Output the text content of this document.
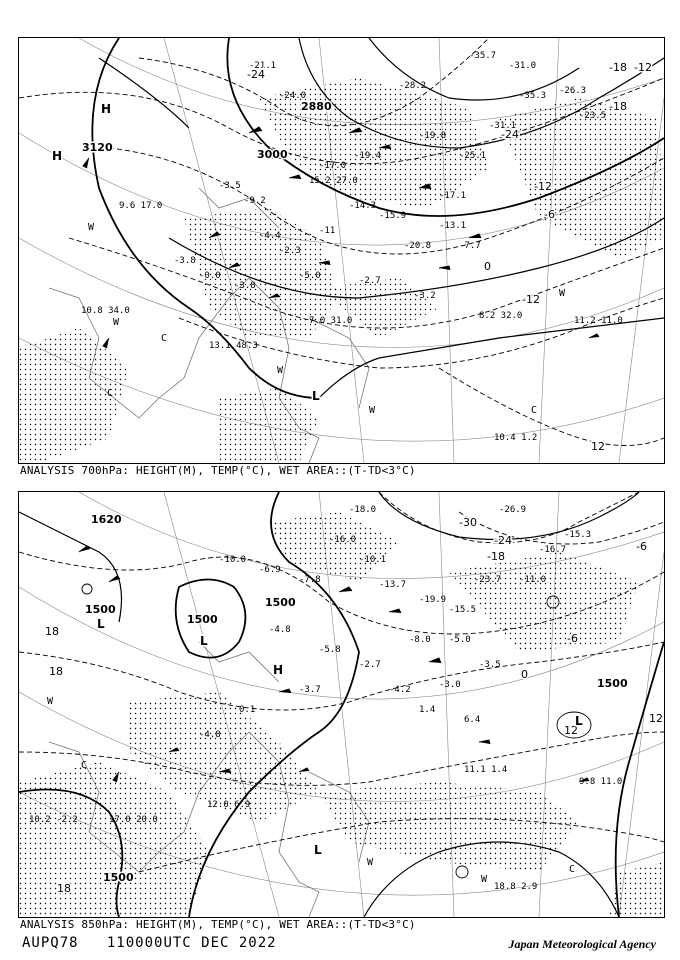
-3.5
-9.2
-11
-14.3
-15.9
-20.8
-17.1
-25.1
-31.1
-35.3 -26.3
-23.5
-4.4
-2.3
-3.8
-5.0	-2.7
-3.2
-0.0
-3.8
-19.4
-17.0
-24.0
-21.1
-35.7
-31.0
-28.2
-13.1
-7.7
-19.8
10.8 34.0	8.2 32.0	11.2 11.0
13.1 48.3
7.0 31.0
10.4 1.2
15.2 27.0
9.6 17.0
3120
3000
2880
-24
-12
-6
0
-18 -12
-24
-18
12
-12
H
H
L
W
W
C
W
W
C
C
W
ANALYSIS 700hPa: HEIGHT(M), TEMP(°C), WET AREA::(T-TD<3°C)
-16.0
-10.1
-13.7
-19.9
-15.5
-23.7
-16.7
-15.3
-4.8
-3.7
0.1
-4.8
-5.8
-2.7
-4.2
1.4
-3.0
6.4
-7.8
-6.9
-10.0
-8.0 -5.0
-3.5
-11.0
-26.9
-18.0
10.2 -2.2
11.1 1.4
12.0 6.9
18.8 2.9
9.8 11.0
17.0 20.0
1620
1500
1500
1500
1500
1500
18
18
-6
-6
0
12
-18
-24
-30
12
18
L
L
H
L
L
W
W
W
C
C
ANALYSIS 850hPa: HEIGHT(M), TEMP(°C), WET AREA::(T-TD<3°C)
AUPQ78 110000UTC DEC 2022	Japan Meteorological Agency
